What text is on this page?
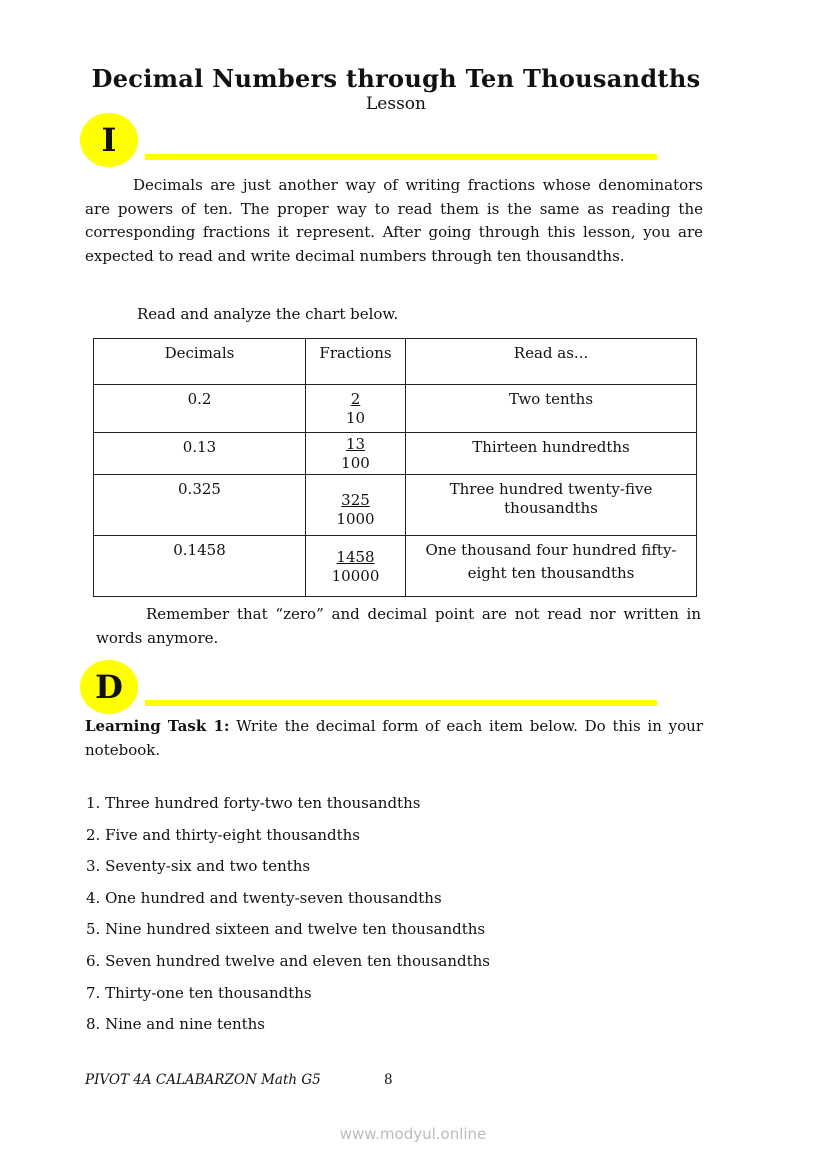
Decimal Numbers through Ten Thousandths
Lesson
I
Decimals are just another way of writing fractions whose denominators are powers of ten. The proper way to read them is the same as reading the corresponding fractions it represent. After going through this lesson, you are expected to read and write decimal numbers through ten thousandths.
Read and analyze the chart below.
Decimals	Fractions	Read as...
0.2	$\frac{2}{10}$	Two tenths
0.13	$\frac{13}{100}$	Thirteen hundredths
0.325	$\frac{325}{1000}$	Three hundred twenty-five thousandths
0.1458	$\frac{1458}{10000}$	One thousand four hundred fifty-eight ten thousandths
Remember that “zero” and decimal point are not read nor written in words anymore.
D
Learning Task 1: Write the decimal form of each item below. Do this in your notebook.
1. Three hundred forty-two ten thousandths
2. Five and thirty-eight thousandths
3. Seventy-six and two tenths
4. One hundred and twenty-seven thousandths
5. Nine hundred sixteen and twelve ten thousandths
6. Seven hundred twelve and eleven ten thousandths
7. Thirty-one ten thousandths
8. Nine and nine tenths
PIVOT 4A CALABARZON Math G5	8
www.modyul.online
